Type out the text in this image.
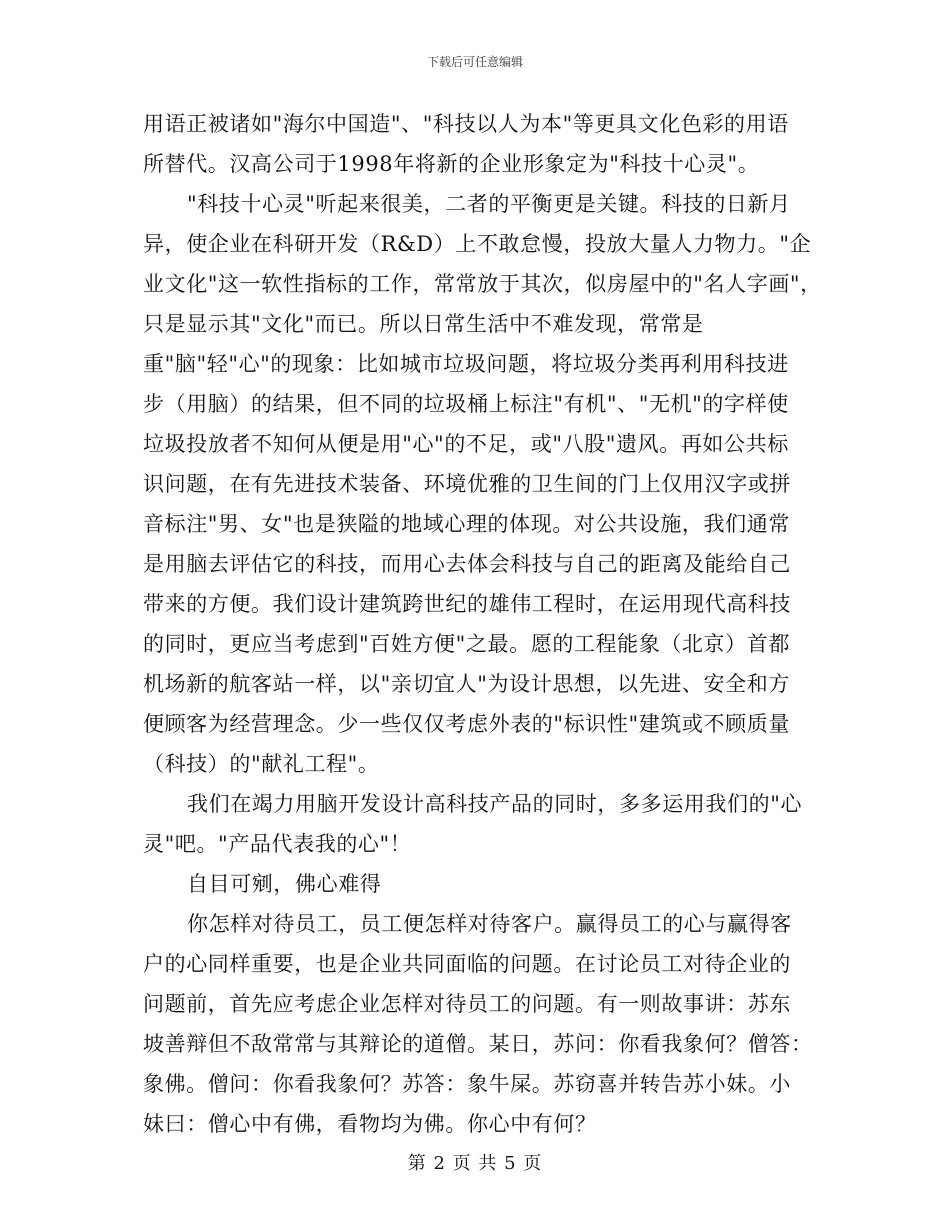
下载后可任意编辑
用语正被诸如"海尔中国造"、"科技以人为本"等更具文化色彩的用语
所替代。汉高公司于1998年将新的企业形象定为"科技十心灵"。
"科技十心灵"听起来很美，二者的平衡更是关键。科技的日新月
异，使企业在科研开发（R&D）上不敢怠慢，投放大量人力物力。"企
业文化"这一软性指标的工作，常常放于其次，似房屋中的"名人字画"，
只是显示其"文化"而已。所以日常生活中不难发现，常常是
重"脑"轻"心"的现象：比如城市垃圾问题，将垃圾分类再利用科技进
步（用脑）的结果，但不同的垃圾桶上标注"有机"、"无机"的字样使
垃圾投放者不知何从便是用"心"的不足，或"八股"遗风。再如公共标
识问题，在有先进技术装备、环境优雅的卫生间的门上仅用汉字或拼
音标注"男、女"也是狭隘的地域心理的体现。对公共设施，我们通常
是用脑去评估它的科技，而用心去体会科技与自己的距离及能给自己
带来的方便。我们设计建筑跨世纪的雄伟工程时，在运用现代高科技
的同时，更应当考虑到"百姓方便"之最。愿的工程能象（北京）首都
机场新的航客站一样，以"亲切宜人"为设计思想，以先进、安全和方
便顾客为经营理念。少一些仅仅考虑外表的"标识性"建筑或不顾质量
（科技）的"献礼工程"。
我们在竭力用脑开发设计高科技产品的同时，多多运用我们的"心
灵"吧。"产品代表我的心"！
自目可剜，佛心难得
你怎样对待员工，员工便怎样对待客户。赢得员工的心与赢得客
户的心同样重要，也是企业共同面临的问题。在讨论员工对待企业的
问题前，首先应考虑企业怎样对待员工的问题。有一则故事讲：苏东
坡善辩但不敌常常与其辩论的道僧。某日，苏问：你看我象何？僧答：
象佛。僧问：你看我象何？苏答：象牛屎。苏窃喜并转告苏小妹。小
妹曰：僧心中有佛，看物均为佛。你心中有何？
第 2 页 共 5 页
